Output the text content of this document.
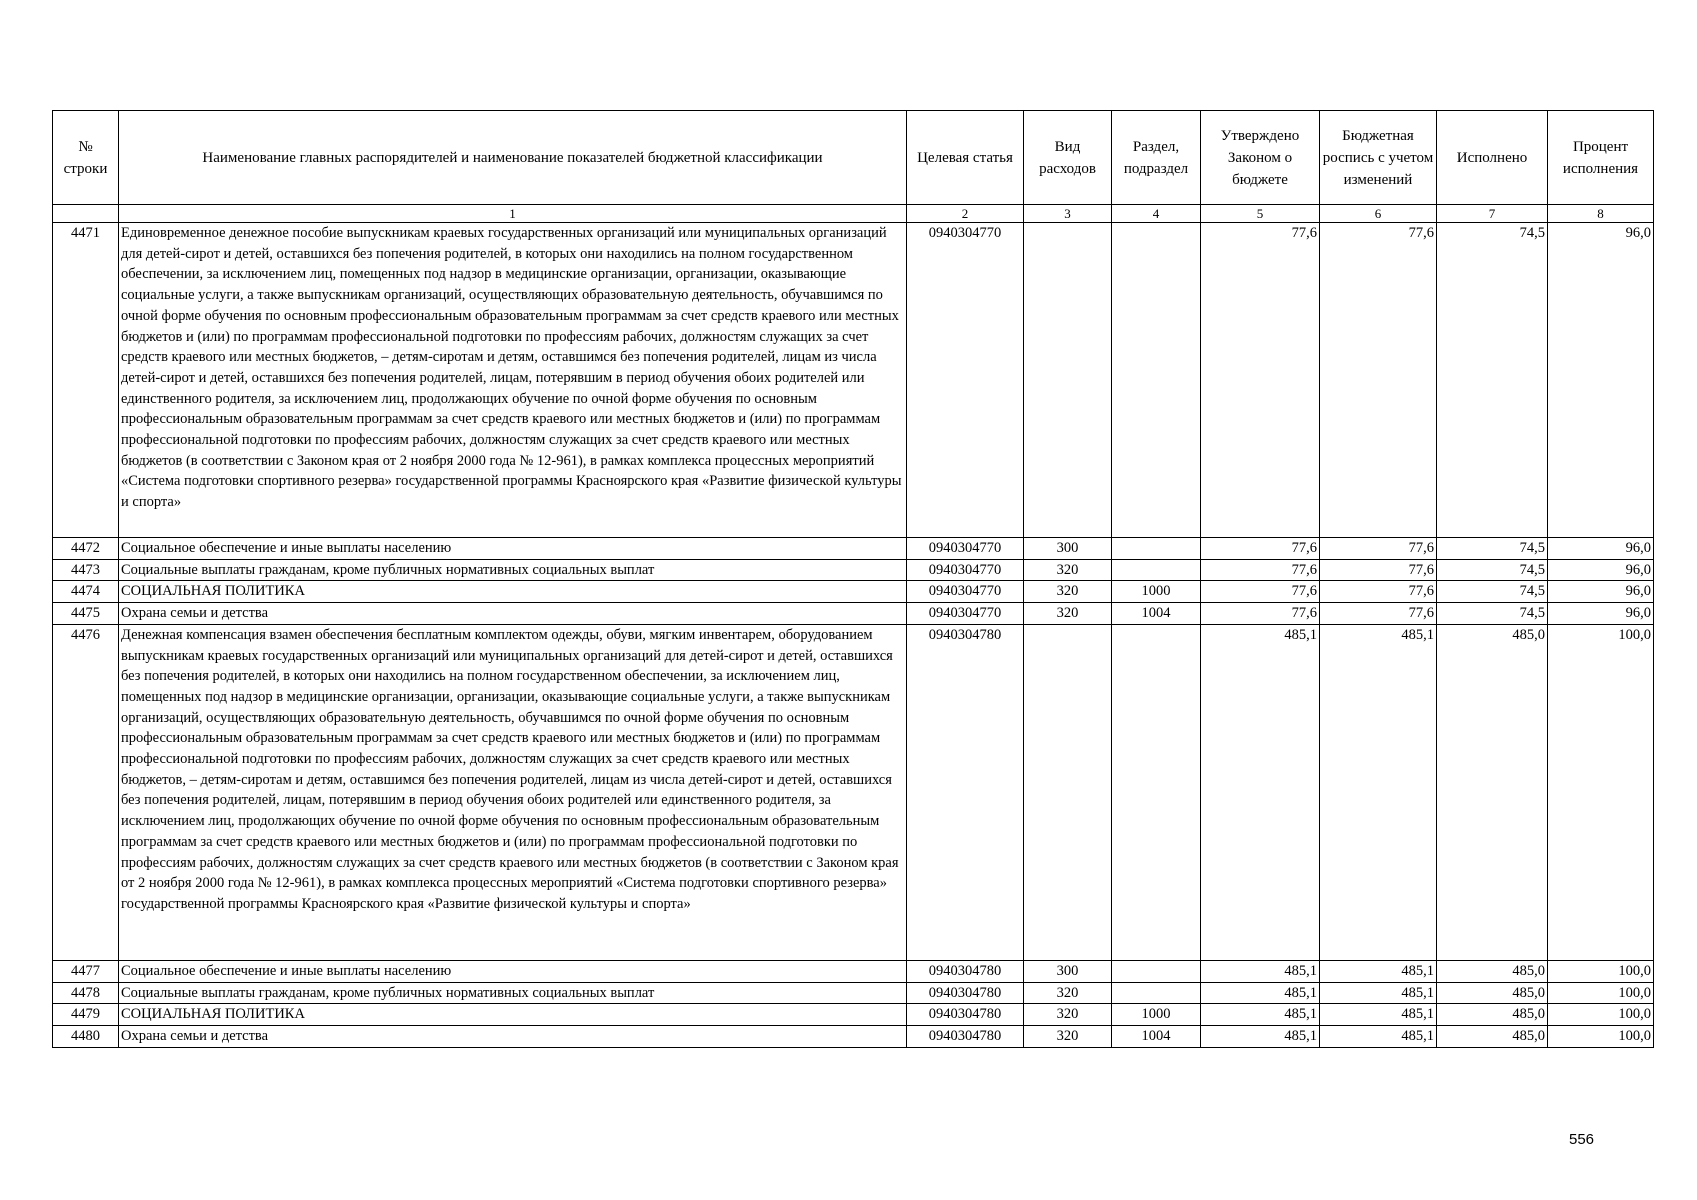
№ строки	Наименование главных распорядителей и наименование показателей бюджетной классификации	Целевая статья	Вид расходов	Раздел, подраздел	Утверждено Законом о бюджете	Бюджетная роспись с учетом изменений	Исполнено	Процент исполнения
	1	2	3	4	5	6	7	8
4471	Единовременное денежное пособие выпускникам краевых государственных организаций или муниципальных организаций для детей-сирот и детей, оставшихся без попечения родителей, в которых они находились на полном государственном обеспечении, за исключением лиц, помещенных под надзор в медицинские организации, организации, оказывающие социальные услуги, а также выпускникам организаций, осуществляющих образовательную деятельность, обучавшимся по очной форме обучения по основным профессиональным образовательным программам за счет средств краевого или местных бюджетов и (или) по программам профессиональной подготовки по профессиям рабочих, должностям служащих за счет средств краевого или местных бюджетов, – детям-сиротам и детям, оставшимся без попечения родителей, лицам из числа детей-сирот и детей, оставшихся без попечения родителей, лицам, потерявшим в период обучения обоих родителей или единственного родителя, за исключением лиц, продолжающих обучение по очной форме обучения по основным профессиональным образовательным программам за счет средств краевого или местных бюджетов и (или) по программам профессиональной подготовки по профессиям рабочих, должностям служащих за счет средств краевого или местных бюджетов (в соответствии с Законом края от 2 ноября 2000 года № 12-961), в рамках комплекса процессных мероприятий «Система подготовки спортивного резерва» государственной программы Красноярского края «Развитие физической культуры и спорта»	0940304770			77,6	77,6	74,5	96,0
4472	Социальное обеспечение и иные выплаты населению	0940304770	300		77,6	77,6	74,5	96,0
4473	Социальные выплаты гражданам, кроме публичных нормативных социальных выплат	0940304770	320		77,6	77,6	74,5	96,0
4474	СОЦИАЛЬНАЯ ПОЛИТИКА	0940304770	320	1000	77,6	77,6	74,5	96,0
4475	Охрана семьи и детства	0940304770	320	1004	77,6	77,6	74,5	96,0
4476	Денежная компенсация взамен обеспечения бесплатным комплектом одежды, обуви, мягким инвентарем, оборудованием выпускникам краевых государственных организаций или муниципальных организаций для детей-сирот и детей, оставшихся без попечения родителей, в которых они находились на полном государственном обеспечении, за исключением лиц, помещенных под надзор в медицинские организации, организации, оказывающие социальные услуги, а также выпускникам организаций, осуществляющих образовательную деятельность, обучавшимся по очной форме обучения по основным профессиональным образовательным программам за счет средств краевого или местных бюджетов и (или) по программам профессиональной подготовки по профессиям рабочих, должностям служащих за счет средств краевого или местных бюджетов, – детям-сиротам и детям, оставшимся без попечения родителей, лицам из числа детей-сирот и детей, оставшихся без попечения родителей, лицам, потерявшим в период обучения обоих родителей или единственного родителя, за исключением лиц, продолжающих обучение по очной форме обучения по основным профессиональным образовательным программам за счет средств краевого или местных бюджетов и (или) по программам профессиональной подготовки по профессиям рабочих, должностям служащих за счет средств краевого или местных бюджетов (в соответствии с Законом края от 2 ноября 2000 года № 12-961), в рамках комплекса процессных мероприятий «Система подготовки спортивного резерва» государственной программы Красноярского края «Развитие физической культуры и спорта»	0940304780			485,1	485,1	485,0	100,0
4477	Социальное обеспечение и иные выплаты населению	0940304780	300		485,1	485,1	485,0	100,0
4478	Социальные выплаты гражданам, кроме публичных нормативных социальных выплат	0940304780	320		485,1	485,1	485,0	100,0
4479	СОЦИАЛЬНАЯ ПОЛИТИКА	0940304780	320	1000	485,1	485,1	485,0	100,0
4480	Охрана семьи и детства	0940304780	320	1004	485,1	485,1	485,0	100,0
556
